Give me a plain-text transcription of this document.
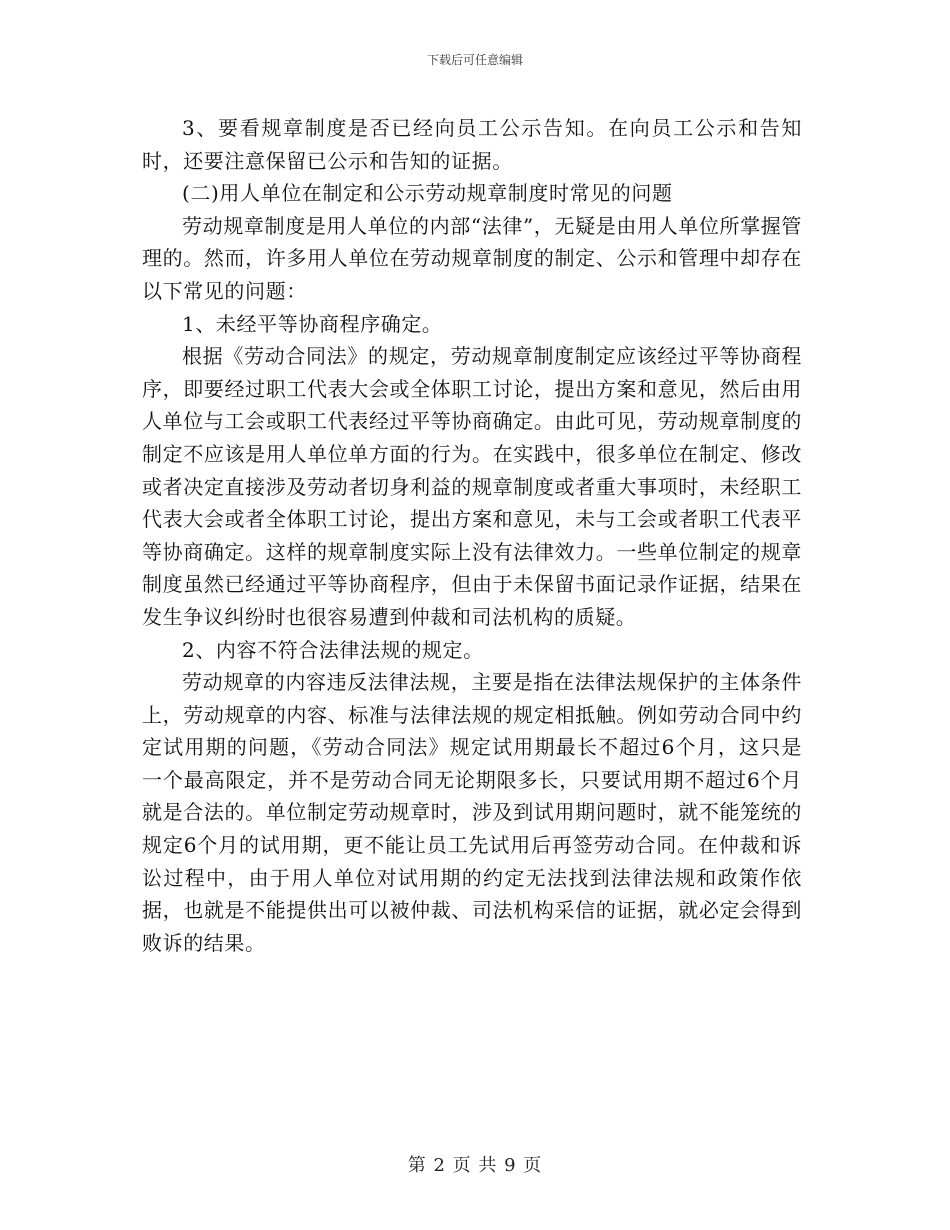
下载后可任意编辑

3、要看规章制度是否已经向员工公示告知。在向员工公示和告知时，还要注意保留已公示和告知的证据。

(二)用人单位在制定和公示劳动规章制度时常见的问题

劳动规章制度是用人单位的内部“法律”，无疑是由用人单位所掌握管理的。然而，许多用人单位在劳动规章制度的制定、公示和管理中却存在以下常见的问题：

1、未经平等协商程序确定。

根据《劳动合同法》的规定，劳动规章制度制定应该经过平等协商程序，即要经过职工代表大会或全体职工讨论，提出方案和意见，然后由用人单位与工会或职工代表经过平等协商确定。由此可见，劳动规章制度的制定不应该是用人单位单方面的行为。在实践中，很多单位在制定、修改或者决定直接涉及劳动者切身利益的规章制度或者重大事项时，未经职工代表大会或者全体职工讨论，提出方案和意见，未与工会或者职工代表平等协商确定。这样的规章制度实际上没有法律效力。一些单位制定的规章制度虽然已经通过平等协商程序，但由于未保留书面记录作证据，结果在发生争议纠纷时也很容易遭到仲裁和司法机构的质疑。

2、内容不符合法律法规的规定。

劳动规章的内容违反法律法规，主要是指在法律法规保护的主体条件上，劳动规章的内容、标准与法律法规的规定相抵触。例如劳动合同中约定试用期的问题，《劳动合同法》规定试用期最长不超过6个月，这只是一个最高限定，并不是劳动合同无论期限多长，只要试用期不超过6个月就是合法的。单位制定劳动规章时，涉及到试用期问题时，就不能笼统的规定6个月的试用期，更不能让员工先试用后再签劳动合同。在仲裁和诉讼过程中，由于用人单位对试用期的约定无法找到法律法规和政策作依据，也就是不能提供出可以被仲裁、司法机构采信的证据，就必定会得到败诉的结果。

第 2 页 共 9 页
